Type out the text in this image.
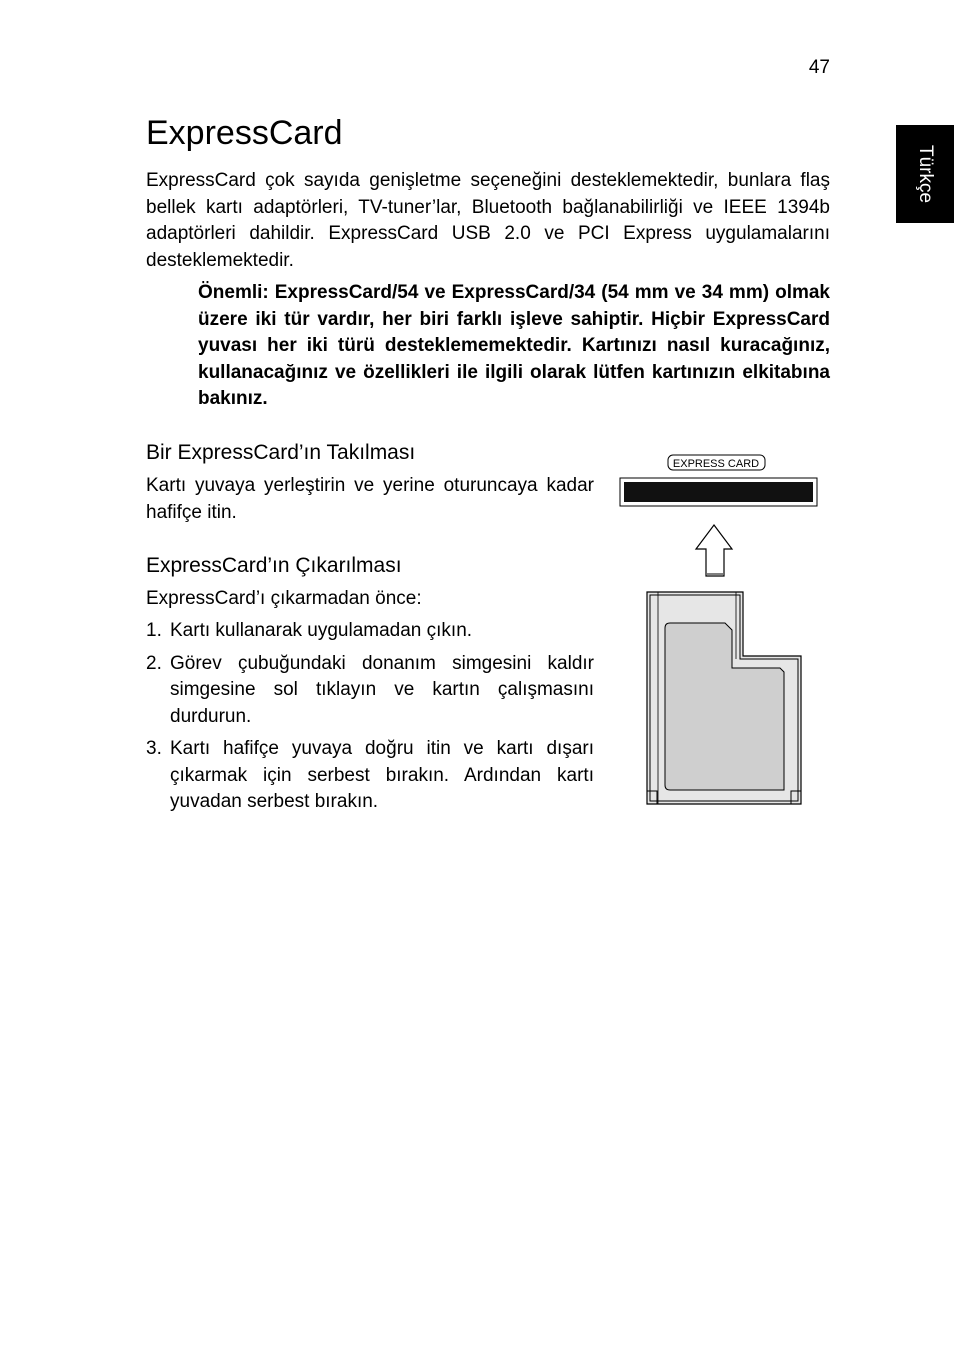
47
Türkçe
ExpressCard

ExpressCard çok sayıda genişletme seçeneğini desteklemektedir, bunlara flaş bellek kartı adaptörleri, TV-tuner’lar, Bluetooth bağlanabilirliği ve IEEE 1394b adaptörleri dahildir. ExpressCard USB 2.0 ve PCI Express uygulamalarını desteklemektedir.

Önemli: ExpressCard/54 ve ExpressCard/34 (54 mm ve 34 mm) olmak üzere iki tür vardır, her biri farklı işleve sahiptir. Hiçbir ExpressCard yuvası her iki türü desteklememektedir. Kartınızı nasıl kuracağınız, kullanacağınız ve özellikleri ile ilgili olarak lütfen kartınızın elkitabına bakınız.

Bir ExpressCard’ın Takılması

Kartı yuvaya yerleştirin ve yerine oturuncaya kadar hafifçe itin.

ExpressCard’ın Çıkarılması

ExpressCard’ı çıkarmadan önce:

1. Kartı kullanarak uygulamadan çıkın.
2. Görev çubuğundaki donanım simgesini kaldır simgesine sol tıklayın ve kartın çalışmasını durdurun.
3. Kartı hafifçe yuvaya doğru itin ve kartı dışarı çıkarmak için serbest bırakın. Ardından kartı yuvadan serbest bırakın.
EXPRESS CARD
